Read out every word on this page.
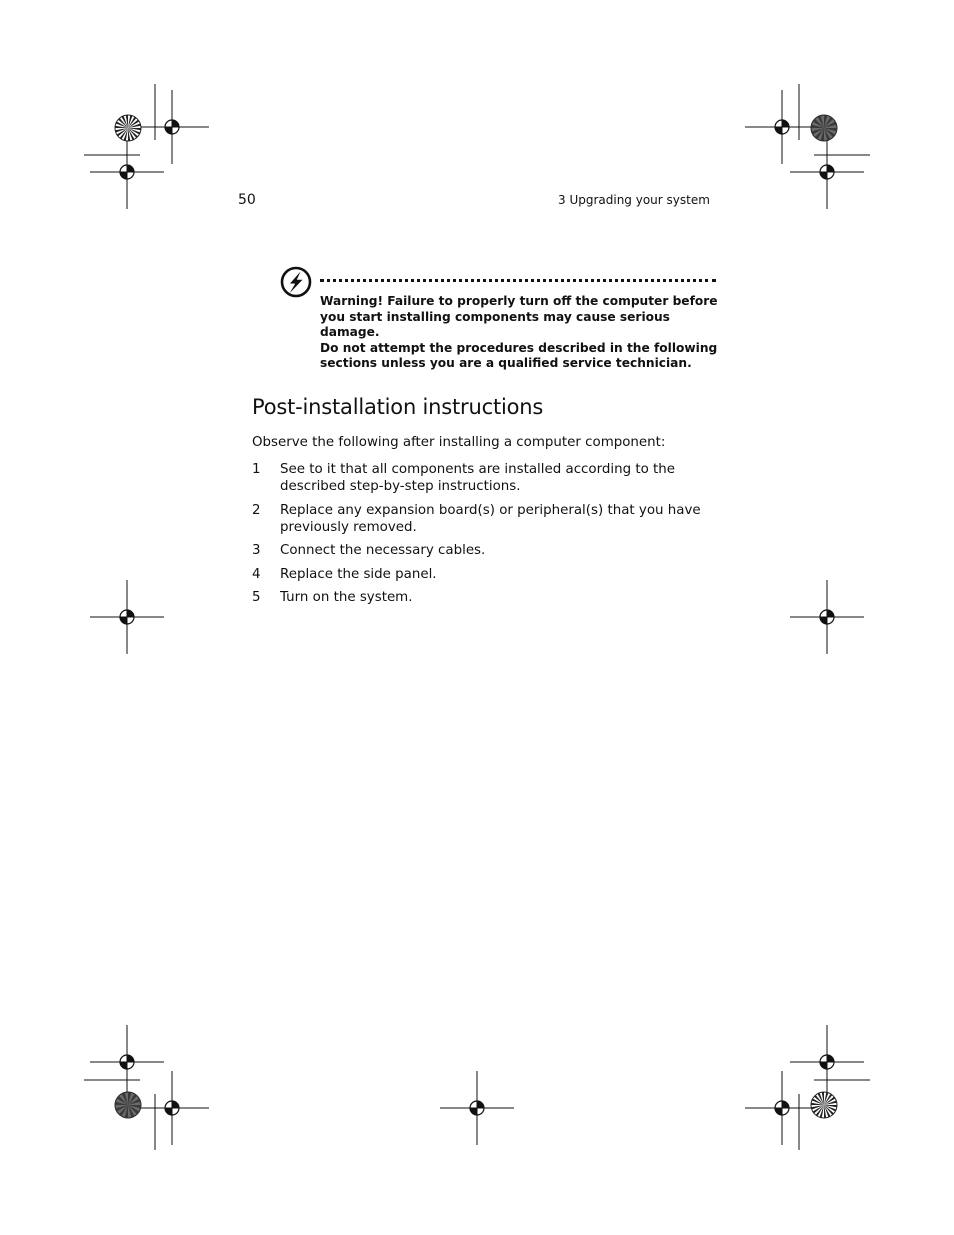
50	3 Upgrading your system

Warning! Failure to properly turn off the computer before you start installing components may cause serious damage.

Do not attempt the procedures described in the following sections unless you are a qualified service technician.

Post-installation instructions

Observe the following after installing a computer component:

1 See to it that all components are installed according to the described step-by-step instructions.
2 Replace any expansion board(s) or peripheral(s) that you have previously removed.
3 Connect the necessary cables.
4 Replace the side panel.
5 Turn on the system.
